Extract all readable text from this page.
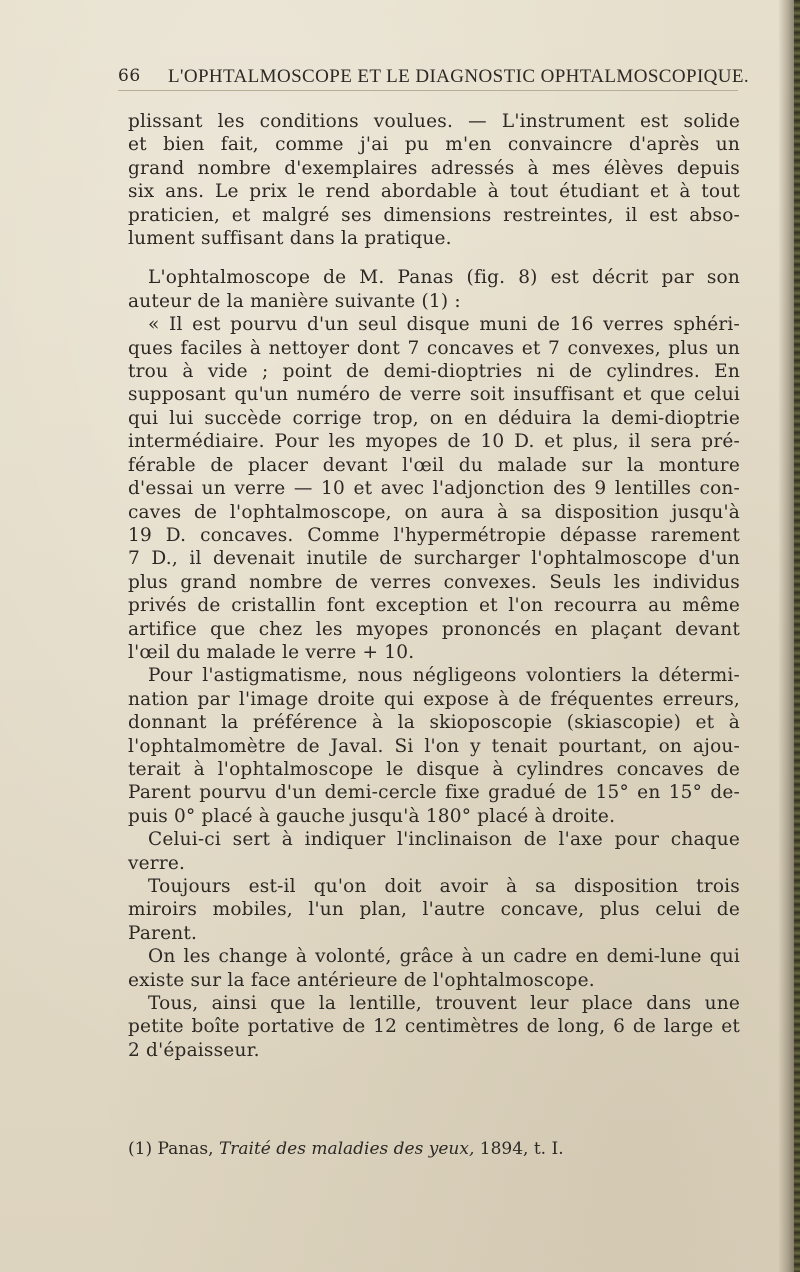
66 L'OPHTALMOSCOPE ET LE DIAGNOSTIC OPHTALMOSCOPIQUE.

plissant les conditions voulues. — L'instrument est solide
et bien fait, comme j'ai pu m'en convaincre d'après un
grand nombre d'exemplaires adressés à mes élèves depuis
six ans. Le prix le rend abordable à tout étudiant et à tout
praticien, et malgré ses dimensions restreintes, il est abso-
lument suffisant dans la pratique.

L'ophtalmoscope de M. Panas (fig. 8) est décrit par son
auteur de la manière suivante (1) :

« Il est pourvu d'un seul disque muni de 16 verres sphéri-
ques faciles à nettoyer dont 7 concaves et 7 convexes, plus un
trou à vide ; point de demi-dioptries ni de cylindres. En
supposant qu'un numéro de verre soit insuffisant et que celui
qui lui succède corrige trop, on en déduira la demi-dioptrie
intermédiaire. Pour les myopes de 10 D. et plus, il sera pré-
férable de placer devant l'œil du malade sur la monture
d'essai un verre — 10 et avec l'adjonction des 9 lentilles con-
caves de l'ophtalmoscope, on aura à sa disposition jusqu'à
19 D. concaves. Comme l'hypermétropie dépasse rarement
7 D., il devenait inutile de surcharger l'ophtalmoscope d'un
plus grand nombre de verres convexes. Seuls les individus
privés de cristallin font exception et l'on recourra au même
artifice que chez les myopes prononcés en plaçant devant
l'œil du malade le verre + 10.

Pour l'astigmatisme, nous négligeons volontiers la détermi-
nation par l'image droite qui expose à de fréquentes erreurs,
donnant la préférence à la skioposcopie (skiascopie) et à
l'ophtalmomètre de Javal. Si l'on y tenait pourtant, on ajou-
terait à l'ophtalmoscope le disque à cylindres concaves de
Parent pourvu d'un demi-cercle fixe gradué de 15° en 15° de-
puis 0° placé à gauche jusqu'à 180° placé à droite.

Celui-ci sert à indiquer l'inclinaison de l'axe pour chaque
verre.

Toujours est-il qu'on doit avoir à sa disposition trois
miroirs mobiles, l'un plan, l'autre concave, plus celui de
Parent.

On les change à volonté, grâce à un cadre en demi-lune qui
existe sur la face antérieure de l'ophtalmoscope.

Tous, ainsi que la lentille, trouvent leur place dans une
petite boîte portative de 12 centimètres de long, 6 de large et
2 d'épaisseur.

(1) Panas, Traité des maladies des yeux, 1894, t. I.
